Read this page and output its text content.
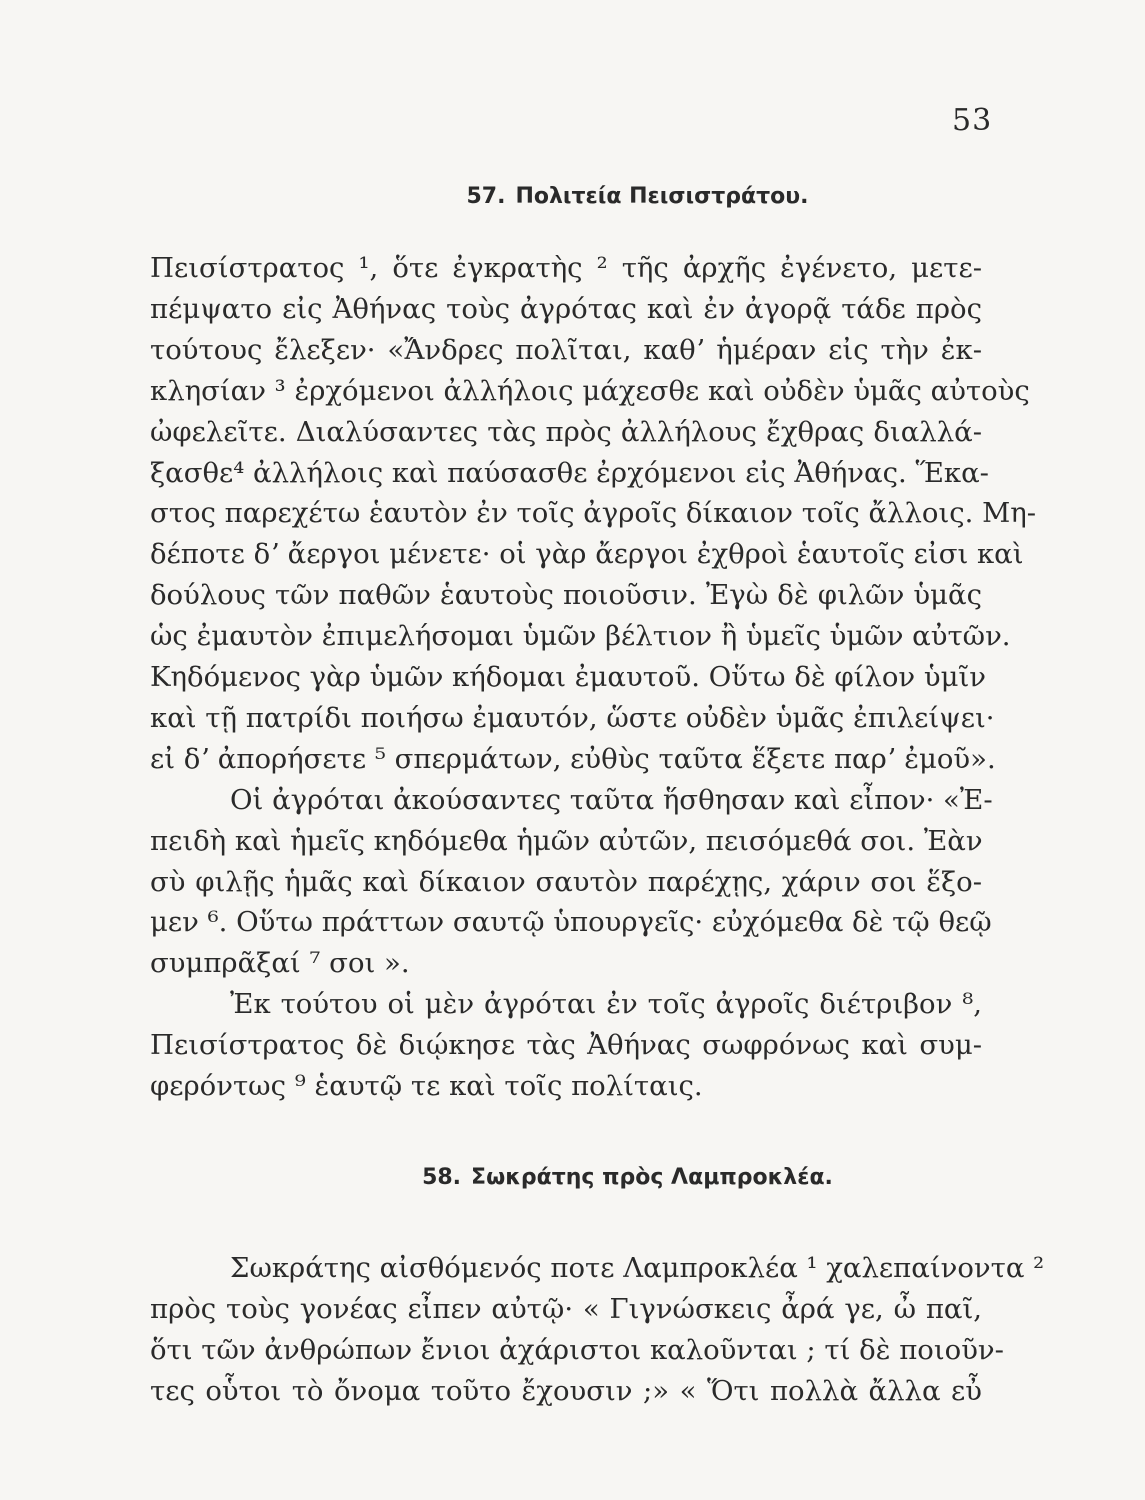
53
57. Πολιτεία Πεισιστράτου.
Πεισίστρατος ¹, ὅτε ἐγκρατὴς ² τῆς ἀρχῆς ἐγένετο, μετε-
πέμψατο εἰς Ἀθήνας τοὺς ἀγρότας καὶ ἐν ἀγορᾷ τάδε πρὸς
τούτους ἔλεξεν· «Ἄνδρες πολῖται, καθʼ ἡμέραν εἰς τὴν ἐκ-
κλησίαν ³ ἐρχόμενοι ἀλλήλοις μάχεσθε καὶ οὐδὲν ὑμᾶς αὐτοὺς
ὠφελεῖτε. Διαλύσαντες τὰς πρὸς ἀλλήλους ἔχθρας διαλλά-
ξασθε⁴ ἀλλήλοις καὶ παύσασθε ἐρχόμενοι εἰς Ἀθήνας. Ἕκα-
στος παρεχέτω ἑαυτὸν ἐν τοῖς ἀγροῖς δίκαιον τοῖς ἄλλοις. Μη-
δέποτε δʼ ἄεργοι μένετε· οἱ γὰρ ἄεργοι ἐχθροὶ ἑαυτοῖς εἰσι καὶ
δούλους τῶν παθῶν ἑαυτοὺς ποιοῦσιν. Ἐγὼ δὲ φιλῶν ὑμᾶς
ὡς ἐμαυτὸν ἐπιμελήσομαι ὑμῶν βέλτιον ἢ ὑμεῖς ὑμῶν αὐτῶν.
Κηδόμενος γὰρ ὑμῶν κήδομαι ἐμαυτοῦ. Οὕτω δὲ φίλον ὑμῖν
καὶ τῇ πατρίδι ποιήσω ἐμαυτόν, ὥστε οὐδὲν ὑμᾶς ἐπιλείψει·
εἰ δʼ ἀπορήσετε ⁵ σπερμάτων, εὐθὺς ταῦτα ἕξετε παρʼ ἐμοῦ».
Οἱ ἀγρόται ἀκούσαντες ταῦτα ἥσθησαν καὶ εἶπον· «Ἐ-
πειδὴ καὶ ἡμεῖς κηδόμεθα ἡμῶν αὐτῶν, πεισόμεθά σοι. Ἐὰν
σὺ φιλῇς ἡμᾶς καὶ δίκαιον σαυτὸν παρέχῃς, χάριν σοι ἕξο-
μεν ⁶. Οὕτω πράττων σαυτῷ ὑπουργεῖς· εὐχόμεθα δὲ τῷ θεῷ
συμπρᾶξαί ⁷ σοι ».
Ἐκ τούτου οἱ μὲν ἀγρόται ἐν τοῖς ἀγροῖς διέτριβον ⁸,
Πεισίστρατος δὲ διῴκησε τὰς Ἀθήνας σωφρόνως καὶ συμ-
φερόντως ⁹ ἑαυτῷ τε καὶ τοῖς πολίταις.
58. Σωκράτης πρὸς Λαμπροκλέα.
Σωκράτης αἰσθόμενός ποτε Λαμπροκλέα ¹ χαλεπαίνοντα ²
πρὸς τοὺς γονέας εἶπεν αὐτῷ· « Γιγνώσκεις ἆρά γε, ὦ παῖ,
ὅτι τῶν ἀνθρώπων ἔνιοι ἀχάριστοι καλοῦνται ; τί δὲ ποιοῦν-
τες οὗτοι τὸ ὄνομα τοῦτο ἔχουσιν ;» « Ὅτι πολλὰ ἄλλα εὖ
